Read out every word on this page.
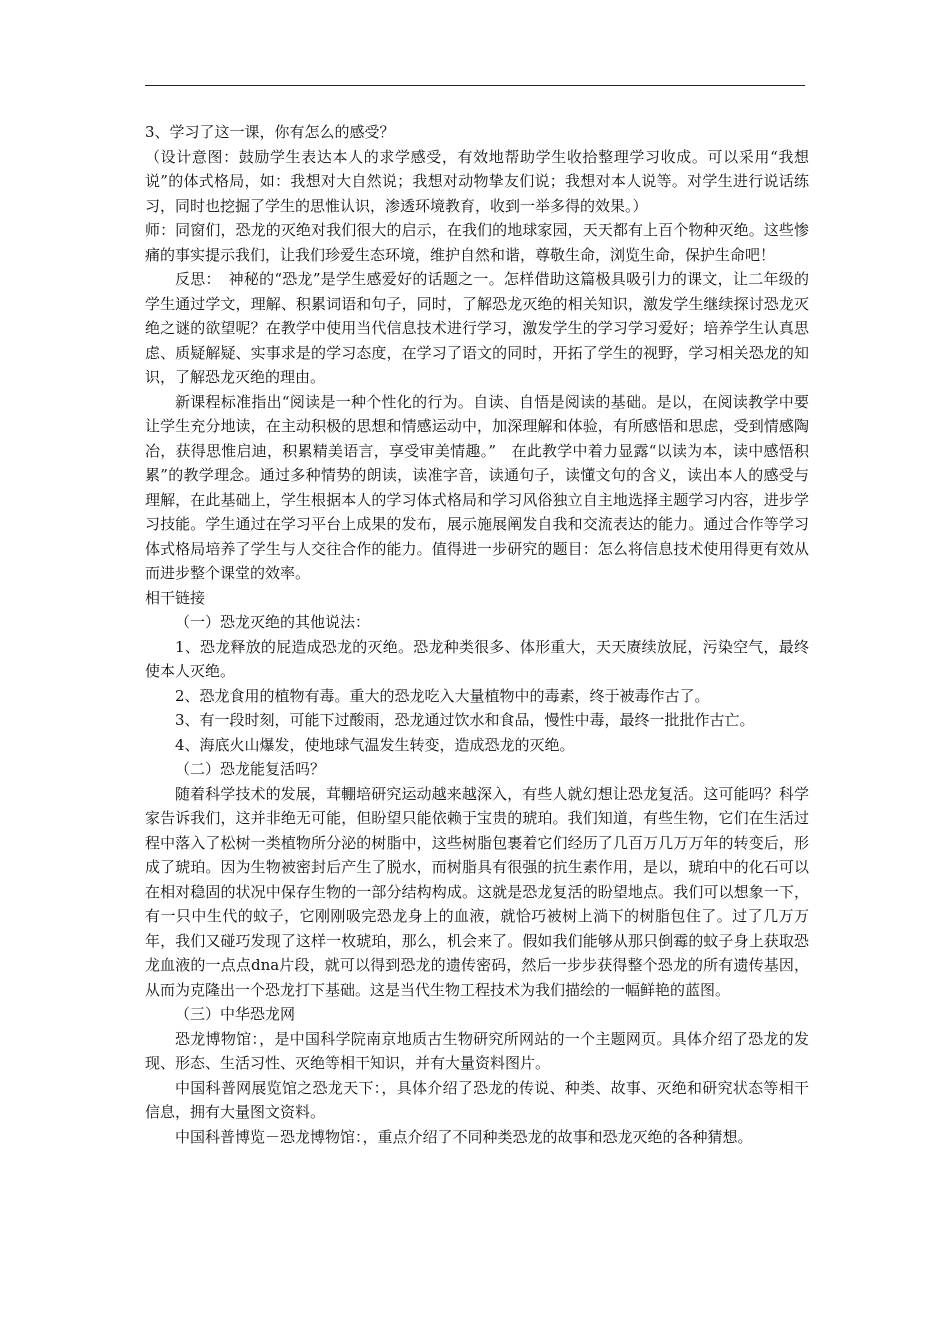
3、学习了这一课，你有怎么的感受？

（设计意图：鼓励学生表达本人的求学感受，有效地帮助学生收拾整理学习收成。可以采用“我想说”的体式格局，如：我想对大自然说；我想对动物挚友们说；我想对本人说等。对学生进行说话练习，同时也挖掘了学生的思惟认识，渗透环境教育，收到一举多得的效果。）

师：同窗们，恐龙的灭绝对我们很大的启示，在我们的地球家园，天天都有上百个物种灭绝。这些惨痛的事实提示我们，让我们珍爱生态环境，维护自然和谐，尊敬生命，浏览生命，保护生命吧！

反思：　神秘的“恐龙”是学生感爱好的话题之一。怎样借助这篇极具吸引力的课文，让二年级的学生通过学文，理解、积累词语和句子，同时，了解恐龙灭绝的相关知识，激发学生继续探讨恐龙灭绝之谜的欲望呢？在教学中使用当代信息技术进行学习，激发学生的学习学习爱好；培养学生认真思虑、质疑解疑、实事求是的学习态度，在学习了语文的同时，开拓了学生的视野，学习相关恐龙的知识，了解恐龙灭绝的理由。

新课程标准指出“阅读是一种个性化的行为。自读、自悟是阅读的基础。是以，在阅读教学中要让学生充分地读，在主动积极的思想和情感运动中，加深理解和体验，有所感悟和思虑，受到情感陶冶，获得思惟启迪，积累精美语言，享受审美情趣。”　在此教学中着力显露“以读为本，读中感悟积累”的教学理念。通过多种情势的朗读，读准字音，读通句子，读懂文句的含义，读出本人的感受与理解，在此基础上，学生根据本人的学习体式格局和学习风俗独立自主地选择主题学习内容，进步学习技能。学生通过在学习平台上成果的发布，展示施展阐发自我和交流表达的能力。通过合作等学习体式格局培养了学生与人交往合作的能力。值得进一步研究的题目：怎么将信息技术使用得更有效从而进步整个课堂的效率。

相干链接

（一）恐龙灭绝的其他说法：

1、恐龙释放的屁造成恐龙的灭绝。恐龙种类很多、体形重大，天天赓续放屁，污染空气，最终使本人灭绝。

2、恐龙食用的植物有毒。重大的恐龙吃入大量植物中的毒素，终于被毒作古了。

3、有一段时刻，可能下过酸雨，恐龙通过饮水和食品，慢性中毒，最终一批批作古亡。

4、海底火山爆发，使地球气温发生转变，造成恐龙的灭绝。

（二）恐龙能复活吗？

随着科学技术的发展，茸輣培研究运动越来越深入，有些人就幻想让恐龙复活。这可能吗？科学家告诉我们，这并非绝无可能，但盼望只能依赖于宝贵的琥珀。我们知道，有些生物，它们在生活过程中落入了松树一类植物所分泌的树脂中，这些树脂包裹着它们经历了几百万几万万年的转变后，形成了琥珀。因为生物被密封后产生了脱水，而树脂具有很强的抗生素作用，是以，琥珀中的化石可以在相对稳固的状况中保存生物的一部分结构构成。这就是恐龙复活的盼望地点。我们可以想象一下，有一只中生代的蚊子，它刚刚吸完恐龙身上的血液，就恰巧被树上淌下的树脂包住了。过了几万万年，我们又碰巧发现了这样一枚琥珀，那么，机会来了。假如我们能够从那只倒霉的蚊子身上获取恐龙血液的一点点dna片段，就可以得到恐龙的遗传密码，然后一步步获得整个恐龙的所有遗传基因，从而为克隆出一个恐龙打下基础。这是当代生物工程技术为我们描绘的一幅鲜艳的蓝图。

（三）中华恐龙网

恐龙博物馆：，是中国科学院南京地质古生物研究所网站的一个主题网页。具体介绍了恐龙的发现、形态、生活习性、灭绝等相干知识，并有大量资料图片。

中国科普网展览馆之恐龙天下：，具体介绍了恐龙的传说、种类、故事、灭绝和研究状态等相干信息，拥有大量图文资料。

中国科普博览－恐龙博物馆：，重点介绍了不同种类恐龙的故事和恐龙灭绝的各种猜想。
